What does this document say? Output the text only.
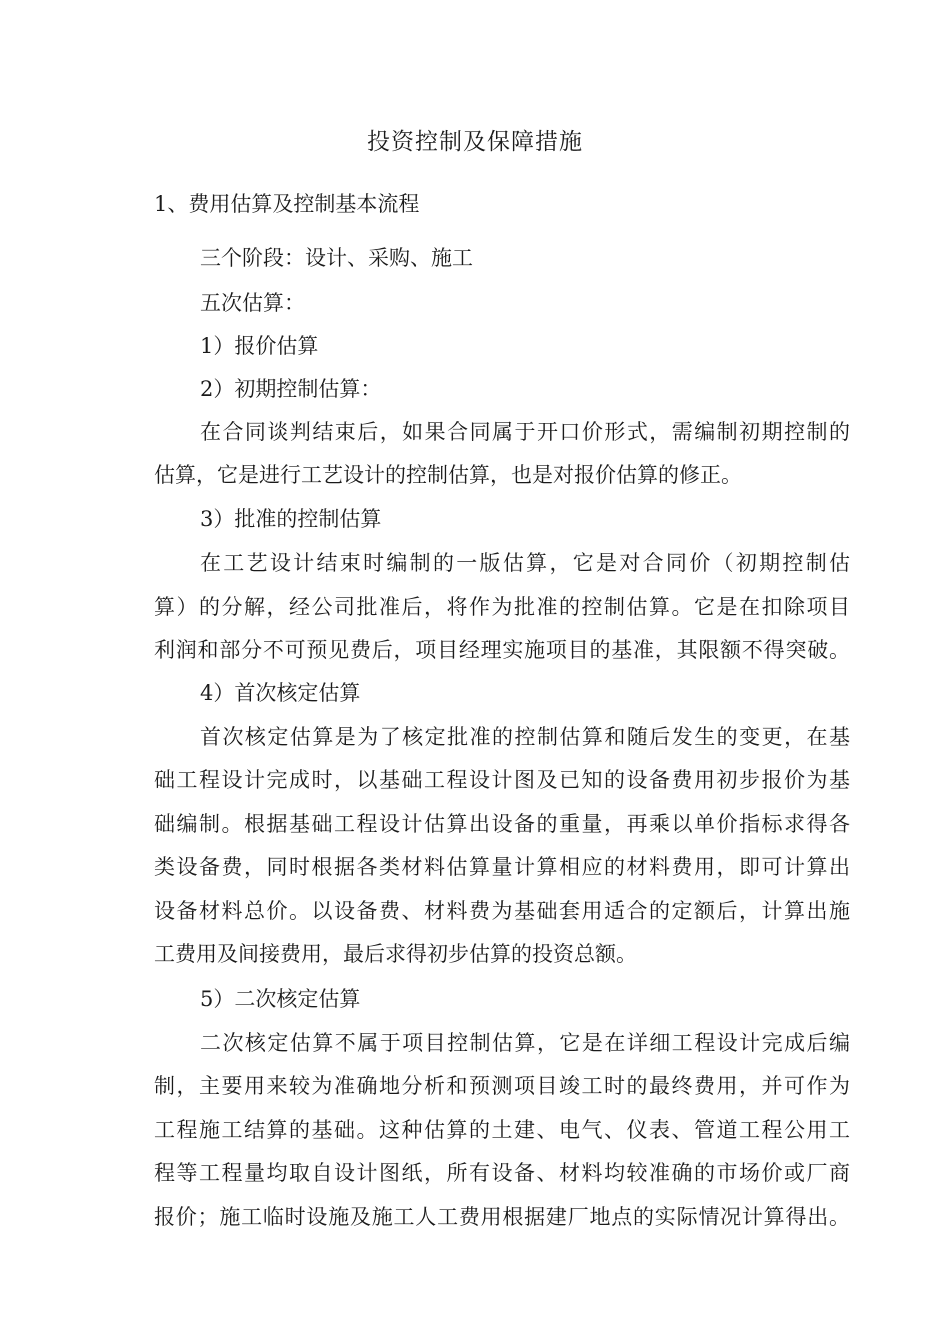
投资控制及保障措施
1、费用估算及控制基本流程
三个阶段：设计、采购、施工
五次估算：
1）报价估算
2）初期控制估算：
在合同谈判结束后，如果合同属于开口价形式，需编制初期控制的
估算，它是进行工艺设计的控制估算，也是对报价估算的修正。
3）批准的控制估算
在工艺设计结束时编制的一版估算，它是对合同价（初期控制估
算）的分解，经公司批准后，将作为批准的控制估算。它是在扣除项目
利润和部分不可预见费后，项目经理实施项目的基准，其限额不得突破。
4）首次核定估算
首次核定估算是为了核定批准的控制估算和随后发生的变更，在基
础工程设计完成时，以基础工程设计图及已知的设备费用初步报价为基
础编制。根据基础工程设计估算出设备的重量，再乘以单价指标求得各
类设备费，同时根据各类材料估算量计算相应的材料费用，即可计算出
设备材料总价。以设备费、材料费为基础套用适合的定额后，计算出施
工费用及间接费用，最后求得初步估算的投资总额。
5）二次核定估算
二次核定估算不属于项目控制估算，它是在详细工程设计完成后编
制，主要用来较为准确地分析和预测项目竣工时的最终费用，并可作为
工程施工结算的基础。这种估算的土建、电气、仪表、管道工程公用工
程等工程量均取自设计图纸，所有设备、材料均较准确的市场价或厂商
报价；施工临时设施及施工人工费用根据建厂地点的实际情况计算得出。
